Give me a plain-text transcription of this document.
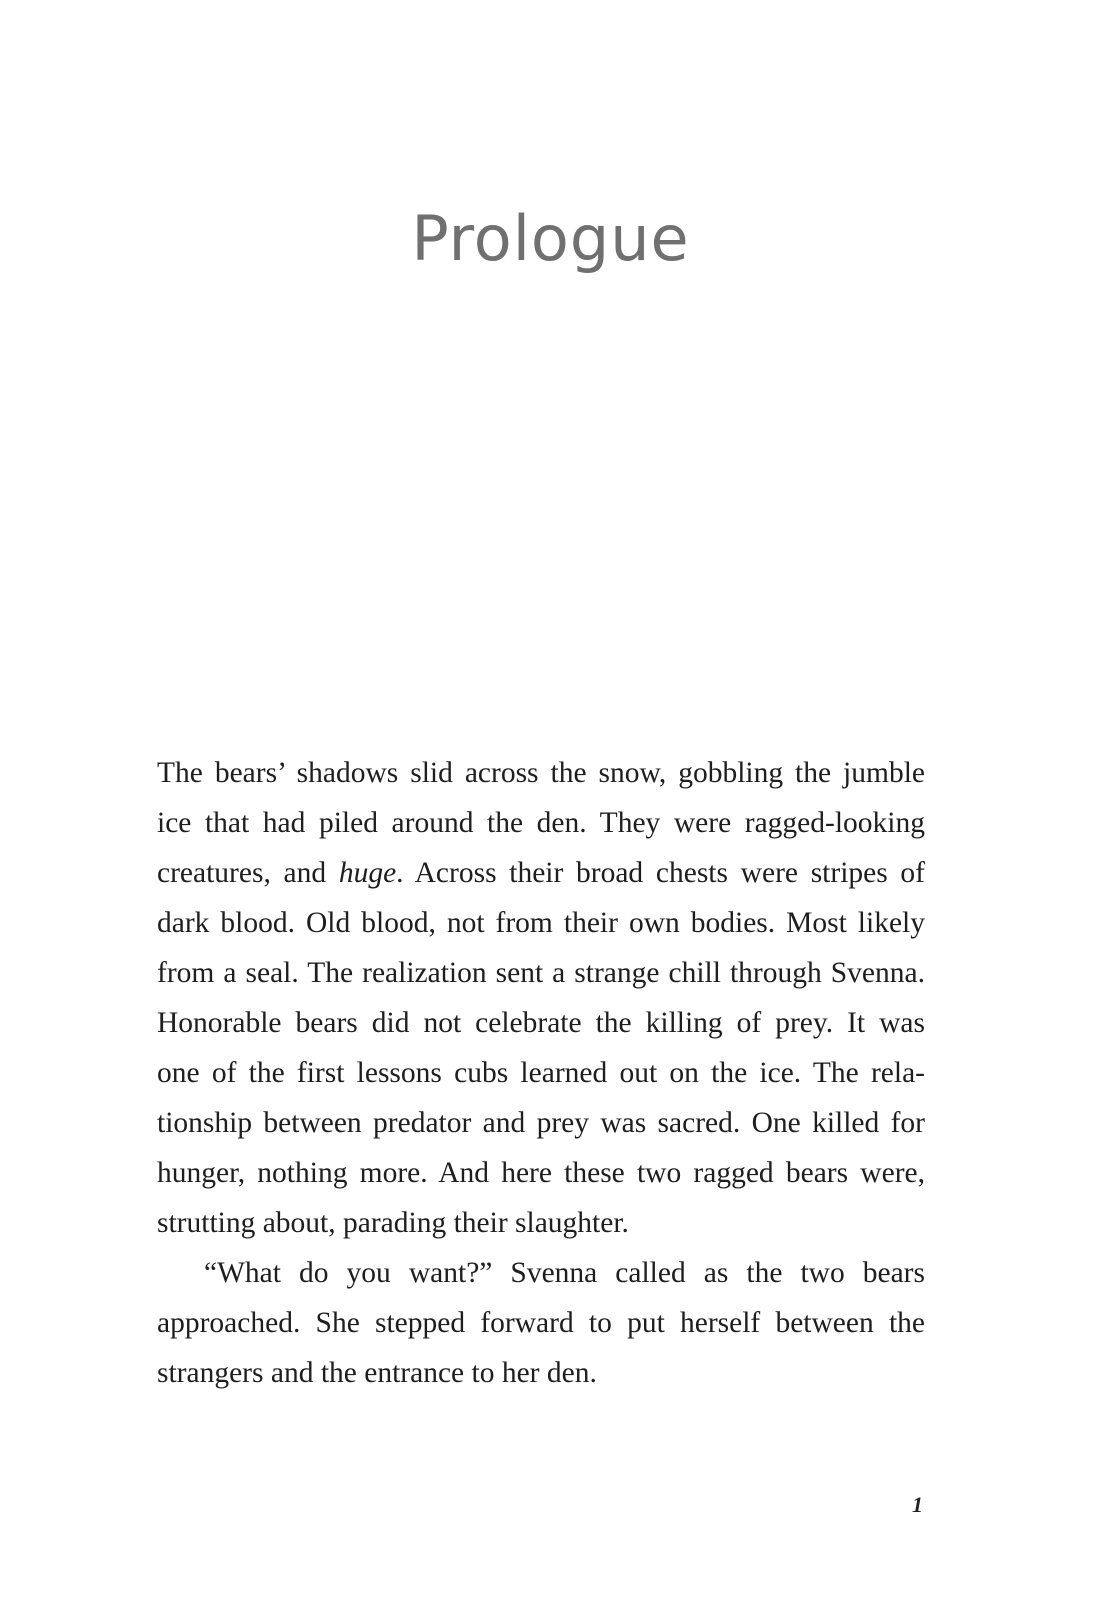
Prologue
The bears’ shadows slid across the snow, gobbling the jumble
ice that had piled around the den. They were ragged-looking
creatures, and huge. Across their broad chests were stripes of
dark blood. Old blood, not from their own bodies. Most likely
from a seal. The realization sent a strange chill through Svenna.
Honorable bears did not celebrate the killing of prey. It was
one of the first lessons cubs learned out on the ice. The rela-
tionship between predator and prey was sacred. One killed for
hunger, nothing more. And here these two ragged bears were,
strutting about, parading their slaughter.
“What do you want?” Svenna called as the two bears
approached. She stepped forward to put herself between the
strangers and the entrance to her den.
1
